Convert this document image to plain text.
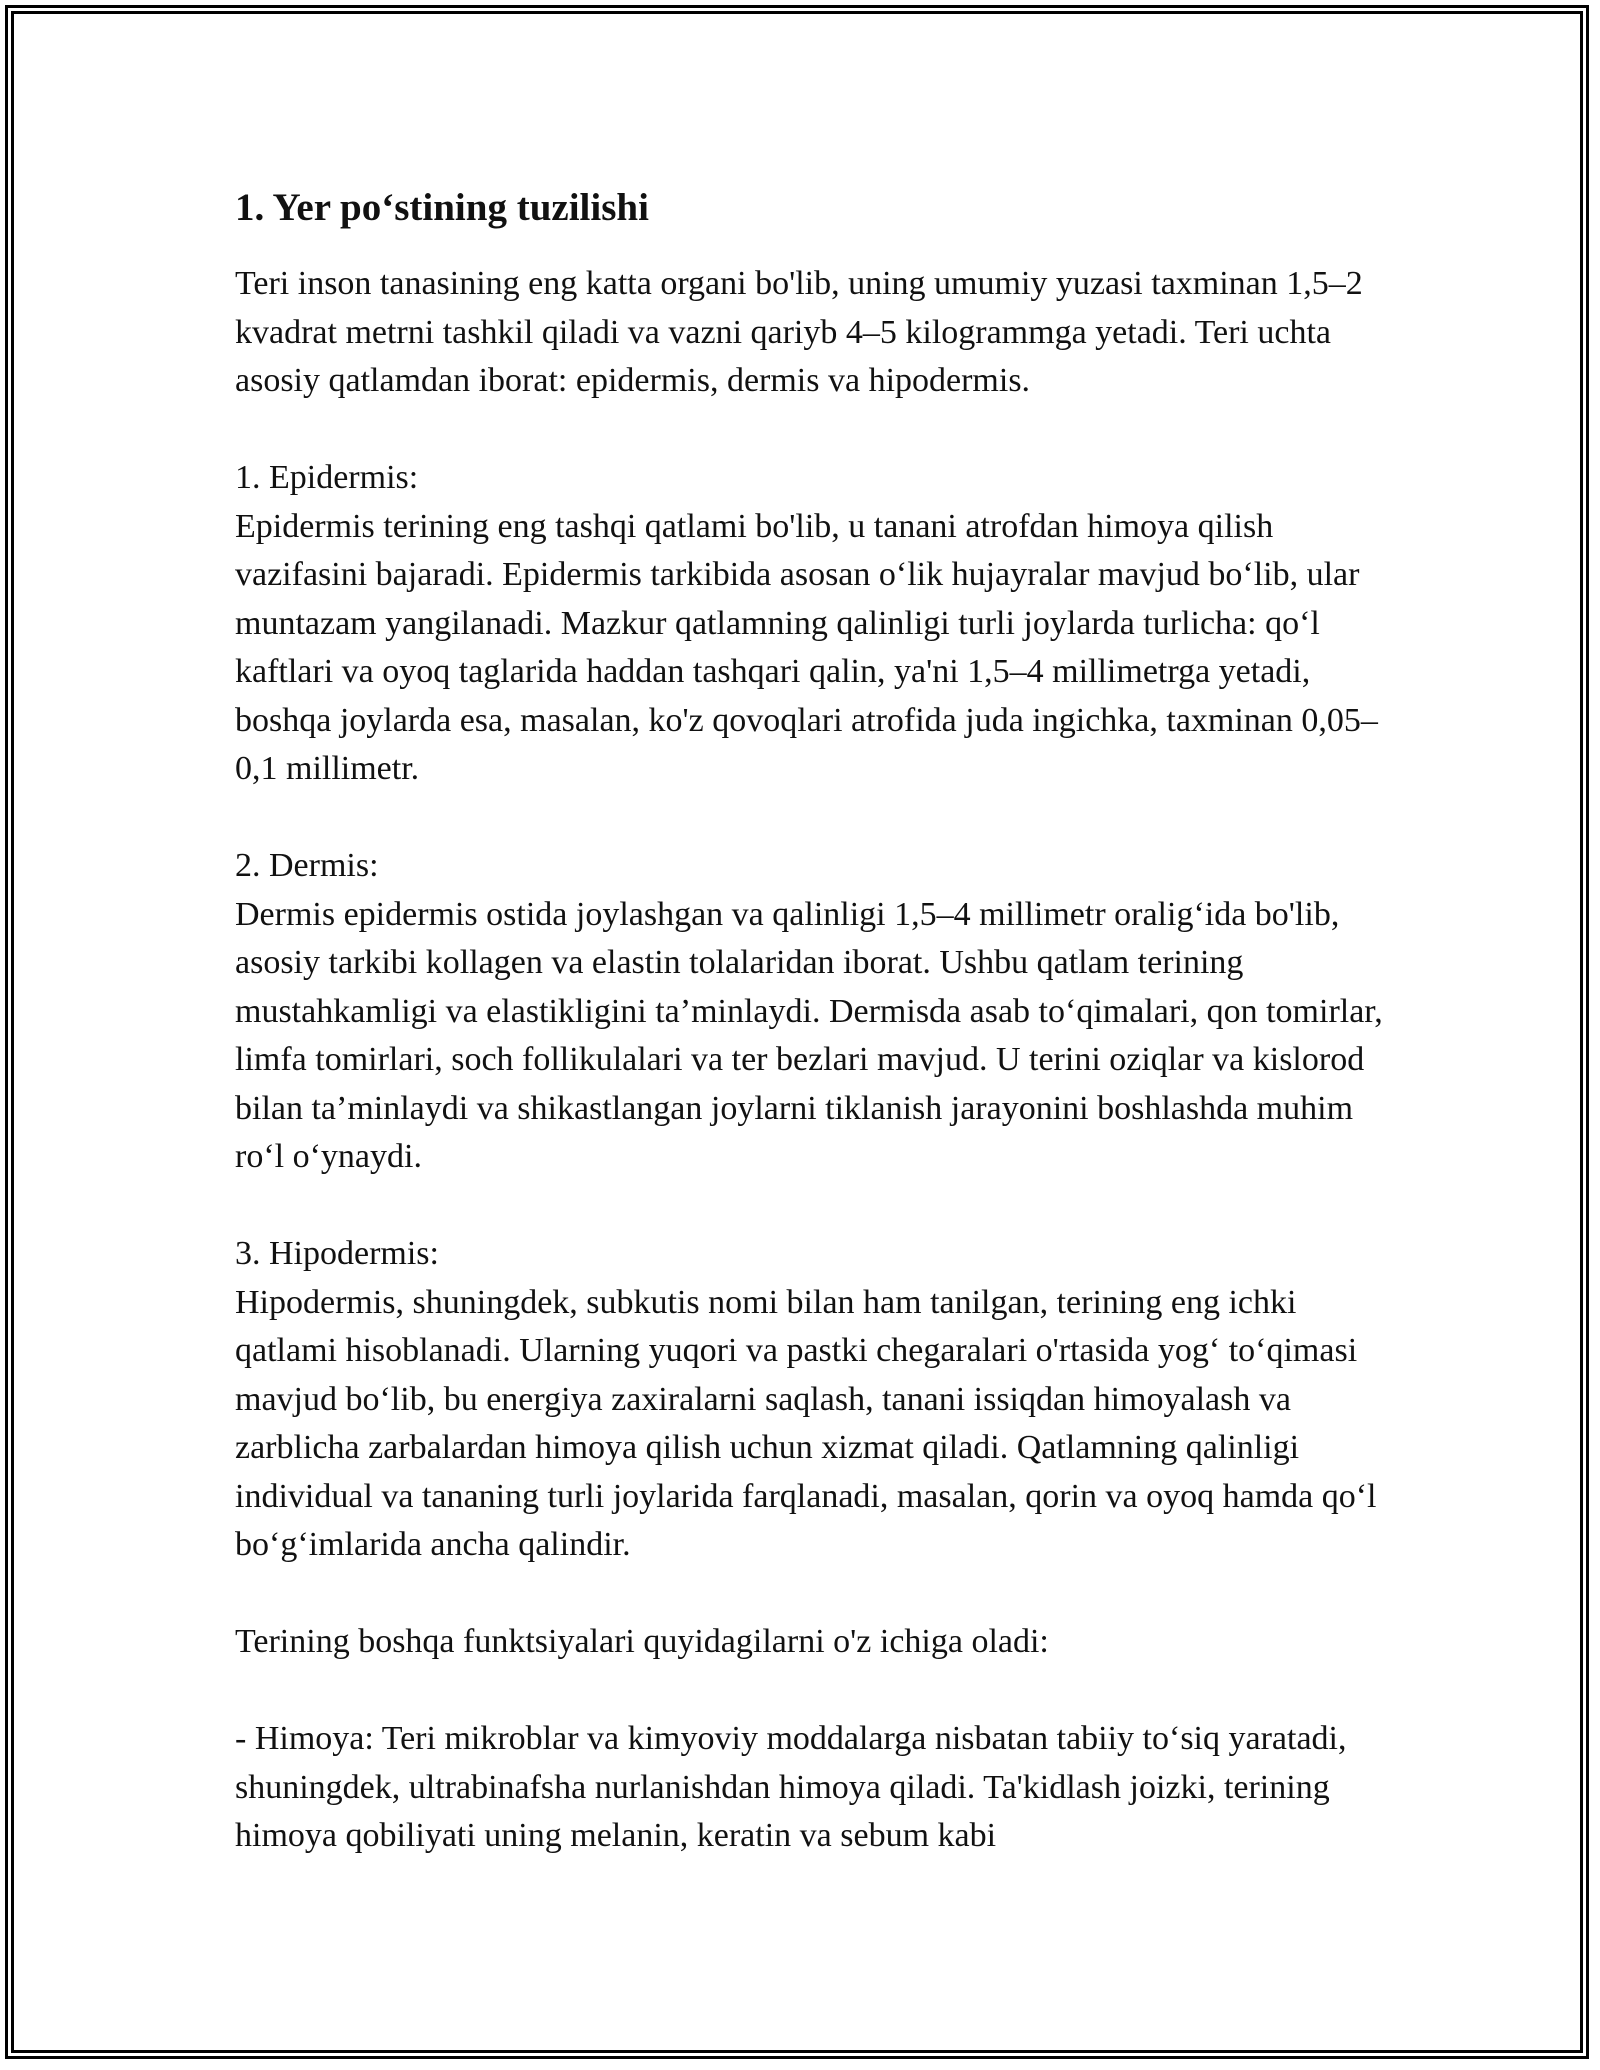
1. Yer po‘stining tuzilishi

Teri inson tanasining eng katta organi bo'lib, uning umumiy yuzasi taxminan 1,5–2 kvadrat metrni tashkil qiladi va vazni qariyb 4–5 kilogrammga yetadi. Teri uchta asosiy qatlamdan iborat: epidermis, dermis va hipodermis.

1. Epidermis:
Epidermis terining eng tashqi qatlami bo'lib, u tanani atrofdan himoya qilish vazifasini bajaradi. Epidermis tarkibida asosan o‘lik hujayralar mavjud bo‘lib, ular muntazam yangilanadi. Mazkur qatlamning qalinligi turli joylarda turlicha: qo‘l kaftlari va oyoq taglarida haddan tashqari qalin, ya'ni 1,5–4 millimetrga yetadi, boshqa joylarda esa, masalan, ko'z qovoqlari atrofida juda ingichka, taxminan 0,05–0,1 millimetr.

2. Dermis:
Dermis epidermis ostida joylashgan va qalinligi 1,5–4 millimetr oralig‘ida bo'lib, asosiy tarkibi kollagen va elastin tolalaridan iborat. Ushbu qatlam terining mustahkamligi va elastikligini ta’minlaydi. Dermisda asab to‘qimalari, qon tomirlar, limfa tomirlari, soch follikulalari va ter bezlari mavjud. U terini oziqlar va kislorod bilan ta’minlaydi va shikastlangan joylarni tiklanish jarayonini boshlashda muhim ro‘l o‘ynaydi.

3. Hipodermis:
Hipodermis, shuningdek, subkutis nomi bilan ham tanilgan, terining eng ichki qatlami hisoblanadi. Ularning yuqori va pastki chegaralari o'rtasida yog‘ to‘qimasi mavjud bo‘lib, bu energiya zaxiralarni saqlash, tanani issiqdan himoyalash va zarblicha zarbalardan himoya qilish uchun xizmat qiladi. Qatlamning qalinligi individual va tananing turli joylarida farqlanadi, masalan, qorin va oyoq hamda qo‘l bo‘g‘imlarida ancha qalindir.

Terining boshqa funktsiyalari quyidagilarni o'z ichiga oladi:

- Himoya: Teri mikroblar va kimyoviy moddalarga nisbatan tabiiy to‘siq yaratadi, shuningdek, ultrabinafsha nurlanishdan himoya qiladi. Ta'kidlash joizki, terining himoya qobiliyati uning melanin, keratin va sebum kabi
